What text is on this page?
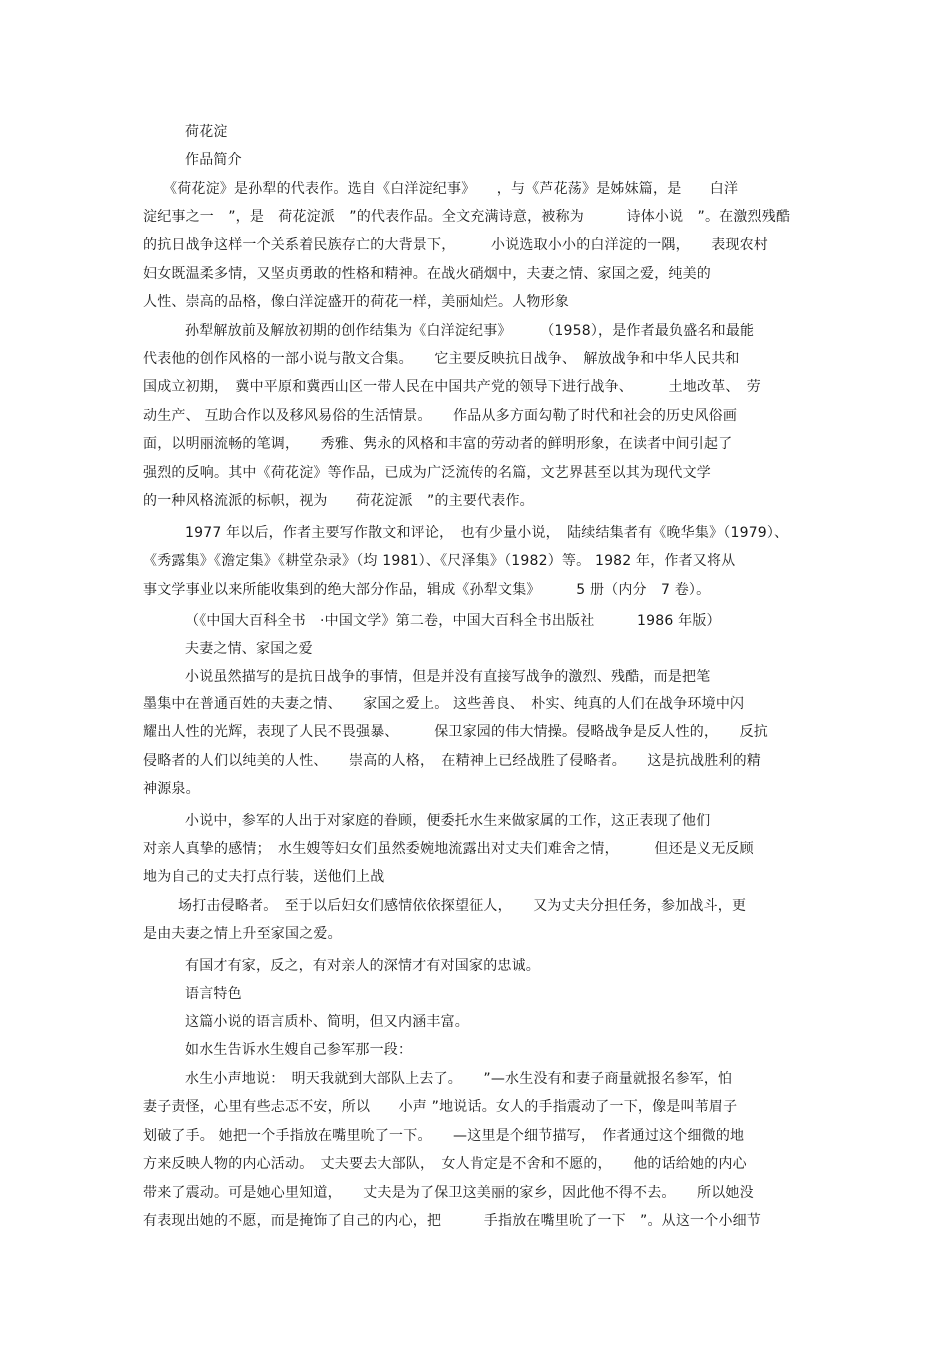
荷花淀

作品简介

《荷花淀》是孙犁的代表作。选自《白洋淀纪事》　　，与《芦花荡》是姊妹篇，是　　白洋

淀纪事之一　”，是　荷花淀派　”的代表作品。全文充满诗意，被称为　　　诗体小说　”。在激烈残酷

的抗日战争这样一个关系着民族存亡的大背景下，　　　小说选取小小的白洋淀的一隅，　　表现农村

妇女既温柔多情，又坚贞勇敢的性格和精神。在战火硝烟中，夫妻之情、家国之爱，纯美的

人性、崇高的品格，像白洋淀盛开的荷花一样，美丽灿烂。人物形象

孙犁解放前及解放初期的创作结集为《白洋淀纪事》　　　（1958），是作者最负盛名和最能

代表他的创作风格的一部小说与散文合集。　　它主要反映抗日战争、　解放战争和中华人民共和

国成立初期，　冀中平原和冀西山区一带人民在中国共产党的领导下进行战争、　　　土地改革、　劳

动生产、 互助合作以及移风易俗的生活情景。　　作品从多方面勾勒了时代和社会的历史风俗画

面，以明丽流畅的笔调，　　秀雅、隽永的风格和丰富的劳动者的鲜明形象，在读者中间引起了

强烈的反响。其中《荷花淀》等作品，已成为广泛流传的名篇，文艺界甚至以其为现代文学

的一种风格流派的标帜，视为　　荷花淀派　”的主要代表作。

1977 年以后，作者主要写作散文和评论，　也有少量小说，　陆续结集者有《晚华集》（1979）、

《秀露集》《澹定集》《耕堂杂录》（均 1981）、《尺泽集》（1982）等。 1982 年，作者又将从

事文学事业以来所能收集到的绝大部分作品，辑成《孙犁文集》　　　5 册（内分　7 卷）。

（《中国大百科全书　·中国文学》第二卷，中国大百科全书出版社　　　1986 年版）

夫妻之情、家国之爱

小说虽然描写的是抗日战争的事情，但是并没有直接写战争的激烈、残酷，而是把笔

墨集中在普通百姓的夫妻之情、　　家国之爱上。 这些善良、　朴实、纯真的人们在战争环境中闪

耀出人性的光辉，表现了人民不畏强暴、　　　保卫家园的伟大情操。侵略战争是反人性的，　　反抗

侵略者的人们以纯美的人性、　　崇高的人格，　在精神上已经战胜了侵略者。　　这是抗战胜利的精

神源泉。

小说中，参军的人出于对家庭的眷顾，便委托水生来做家属的工作，这正表现了他们

对亲人真挚的感情；　水生嫂等妇女们虽然委婉地流露出对丈夫们难舍之情，　　　但还是义无反顾

地为自己的丈夫打点行装，送他们上战

场打击侵略者。　至于以后妇女们感情依依探望征人，　　又为丈夫分担任务，参加战斗，更

是由夫妻之情上升至家国之爱。

有国才有家，反之，有对亲人的深情才有对国家的忠诚。

语言特色

这篇小说的语言质朴、简明，但又内涵丰富。

如水生告诉水生嫂自己参军那一段：

水生小声地说：　明天我就到大部队上去了。　　”—水生没有和妻子商量就报名参军，怕

妻子责怪，心里有些忐忑不安，所以　　小声 ”地说话。女人的手指震动了一下，像是叫苇眉子

划破了手。 她把一个手指放在嘴里吮了一下。　　—这里是个细节描写，　作者通过这个细微的地

方来反映人物的内心活动。　丈夫要去大部队，　女人肯定是不舍和不愿的，　　他的话给她的内心

带来了震动。可是她心里知道，　　丈夫是为了保卫这美丽的家乡，因此他不得不去。　　所以她没

有表现出她的不愿，而是掩饰了自己的内心，把　　　手指放在嘴里吮了一下　”。从这一个小细节
